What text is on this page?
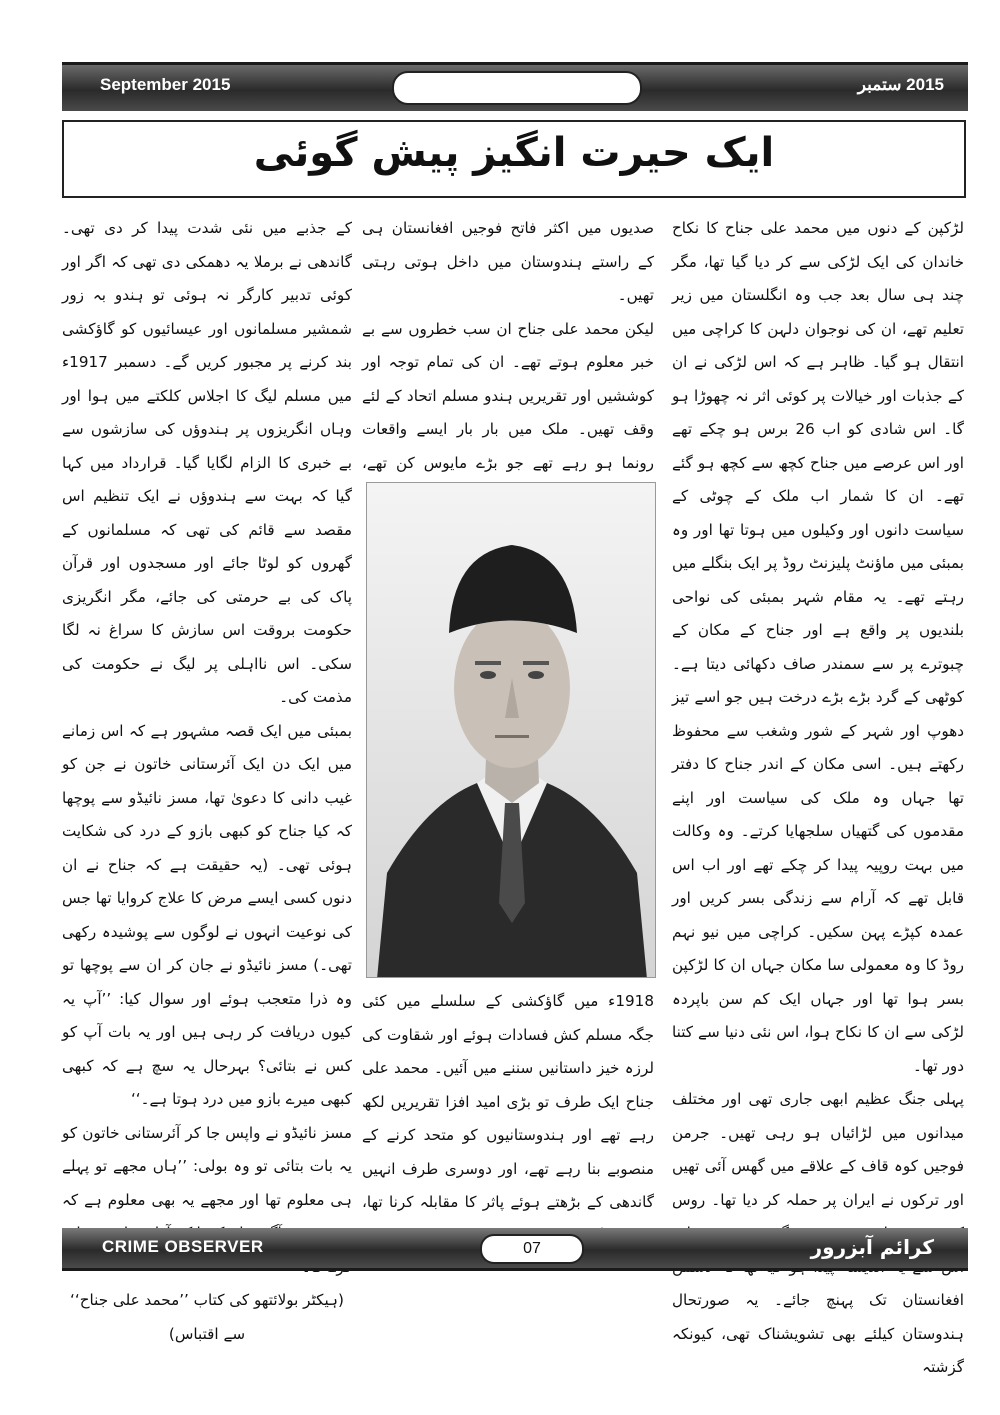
September 2015	2015 ستمبر
ایک حیرت انگیز پیش گوئی

لڑکپن کے دنوں میں محمد علی جناح کا نکاح خاندان کی ایک لڑکی سے کر دیا گیا تھا، مگر چند ہی سال بعد جب وہ انگلستان میں زیر تعلیم تھے، ان کی نوجوان دلہن کا کراچی میں انتقال ہو گیا۔ ظاہر ہے کہ اس لڑکی نے ان کے جذبات اور خیالات پر کوئی اثر نہ چھوڑا ہو گا۔ اس شادی کو اب 26 برس ہو چکے تھے اور اس عرصے میں جناح کچھ سے کچھ ہو گئے تھے۔ ان کا شمار اب ملک کے چوٹی کے سیاست دانوں اور وکیلوں میں ہوتا تھا اور وہ بمبئی میں ماؤنٹ پلیزنٹ روڈ پر ایک بنگلے میں رہتے تھے۔ یہ مقام شہر بمبئی کی نواحی بلندیوں پر واقع ہے اور جناح کے مکان کے چبوترے پر سے سمندر صاف دکھائی دیتا ہے۔ کوٹھی کے گرد بڑے بڑے درخت ہیں جو اسے تیز دھوپ اور شہر کے شور وشغب سے محفوظ رکھتے ہیں۔ اسی مکان کے اندر جناح کا دفتر تھا جہاں وہ ملک کی سیاست اور اپنے مقدموں کی گتھیاں سلجھایا کرتے۔ وہ وکالت میں بہت روپیہ پیدا کر چکے تھے اور اب اس قابل تھے کہ آرام سے زندگی بسر کریں اور عمدہ کپڑے پہن سکیں۔ کراچی میں نیو نہم روڈ کا وہ معمولی سا مکان جہاں ان کا لڑکپن بسر ہوا تھا اور جہاں ایک کم سن باپردہ لڑکی سے ان کا نکاح ہوا، اس نئی دنیا سے کتنا دور تھا۔

پہلی جنگ عظیم ابھی جاری تھی اور مختلف میدانوں میں لڑائیاں ہو رہی تھیں۔ جرمن فوجیں کوہ قاف کے علاقے میں گھس آئی تھیں اور ترکوں نے ایران پر حملہ کر دیا تھا۔ روس افغانستان تک پہنچ جائے۔ یہ صورتحال ہندوستان کیلئے بھی تشویشناک تھی، کیونکہ گزشتہ

صدیوں میں اکثر فاتح فوجیں افغانستان ہی کے راستے ہندوستان میں داخل ہوتی رہتی تھیں۔

لیکن محمد علی جناح ان سب خطروں سے بے خبر معلوم ہوتے تھے۔ ان کی تمام توجہ اور کوششیں اور تقریریں ہندو مسلم اتحاد کے لئے وقف تھیں۔ ملک میں بار بار ایسے واقعات رونما ہو رہے تھے جو بڑے مایوس کن تھے،

1918ء میں گاؤکشی کے سلسلے میں کئی جگہ مسلم کش فسادات ہوئے اور شقاوت کی لرزہ خیز داستانیں سننے میں آئیں۔ محمد علی جناح ایک طرف تو بڑی امید افزا تقریریں لکھ رہے تھے اور ہندوستانیوں کو متحد کرنے کے منصوبے بنا رہے تھے، اور دوسری طرف انہیں گاندھی کے بڑھتے ہوئے پاثر کا مقابلہ کرنا تھا،

کے جذبے میں نئی شدت پیدا کر دی تھی۔ گاندھی نے برملا یہ دھمکی دی تھی کہ اگر اور کوئی تدبیر کارگر نہ ہوئی تو ہندو بہ زور شمشیر مسلمانوں اور عیسائیوں کو گاؤکشی بند کرنے پر مجبور کریں گے۔ دسمبر 1917ء میں مسلم لیگ کا اجلاس کلکتے میں ہوا اور وہاں انگریزوں پر ہندوؤں کی سازشوں سے بے خبری کا الزام لگایا گیا۔ قرارداد میں کہا گیا کہ بہت سے ہندوؤں نے ایک تنظیم اس مقصد سے قائم کی تھی کہ مسلمانوں کے گھروں کو لوٹا جائے اور مسجدوں اور قرآن پاک کی بے حرمتی کی جائے، مگر انگریزی حکومت بروقت اس سازش کا سراغ نہ لگا سکی۔ اس نااہلی پر لیگ نے حکومت کی مذمت کی۔

بمبئی میں ایک قصہ مشہور ہے کہ اس زمانے میں ایک دن ایک آئرستانی خاتون نے جن کو غیب دانی کا دعویٰ تھا، مسز نائیڈو سے پوچھا کہ کیا جناح کو کبھی بازو کے درد کی شکایت ہوئی تھی۔ (یہ حقیقت ہے کہ جناح نے ان دنوں کسی ایسے مرض کا علاج کروایا تھا جس کی نوعیت انہوں نے لوگوں سے پوشیدہ رکھی تھی۔) مسز نائیڈو نے جان کر ان سے پوچھا تو وہ ذرا متعجب ہوئے اور سوال کیا: ’’آپ یہ کیوں دریافت کر رہی ہیں اور یہ بات آپ کو کس نے بتائی؟ بہرحال یہ سچ ہے کہ کبھی کبھی میرے بازو میں درد ہوتا ہے۔‘‘

مسز نائیڈو نے واپس جا کر آئرستانی خاتون کو یہ بات بتائی تو وہ بولی: ’’ہاں مجھے تو پہلے ہی معلوم تھا اور مجھے یہ بھی معلوم ہے کہ

(ہیکٹر بولائتھو کی کتاب ’’محمد علی جناح‘‘ سے اقتباس)

CRIME OBSERVER	07	کرائم آبزرور
